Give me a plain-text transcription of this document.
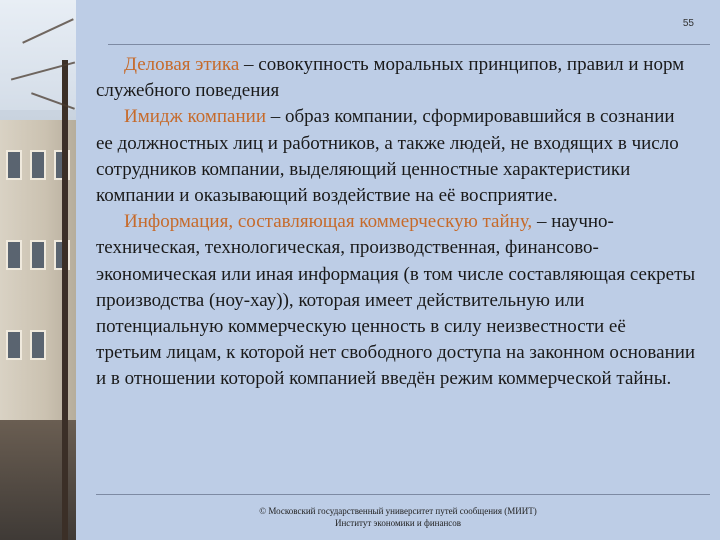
55

Деловая этика – совокупность моральных принципов, правил и норм служебного поведения

Имидж компании – образ компании, сформировавшийся в сознании ее должностных лиц и работников, а также людей, не входящих в число сотрудников компании, выделяющий ценностные характеристики компании и оказывающий воздействие на её восприятие.

Информация, составляющая коммерческую тайну, – научно-техническая, технологическая, производственная, финансово-экономическая или иная информация (в том числе составляющая секреты производства (ноу-хау)), которая имеет действительную или потенциальную коммерческую ценность в силу неизвестности её третьим лицам, к которой нет свободного доступа на законном основании и в отношении которой компанией введён режим коммерческой тайны.

© Московский государственный университет путей сообщения (МИИТ)
Институт экономики и финансов
